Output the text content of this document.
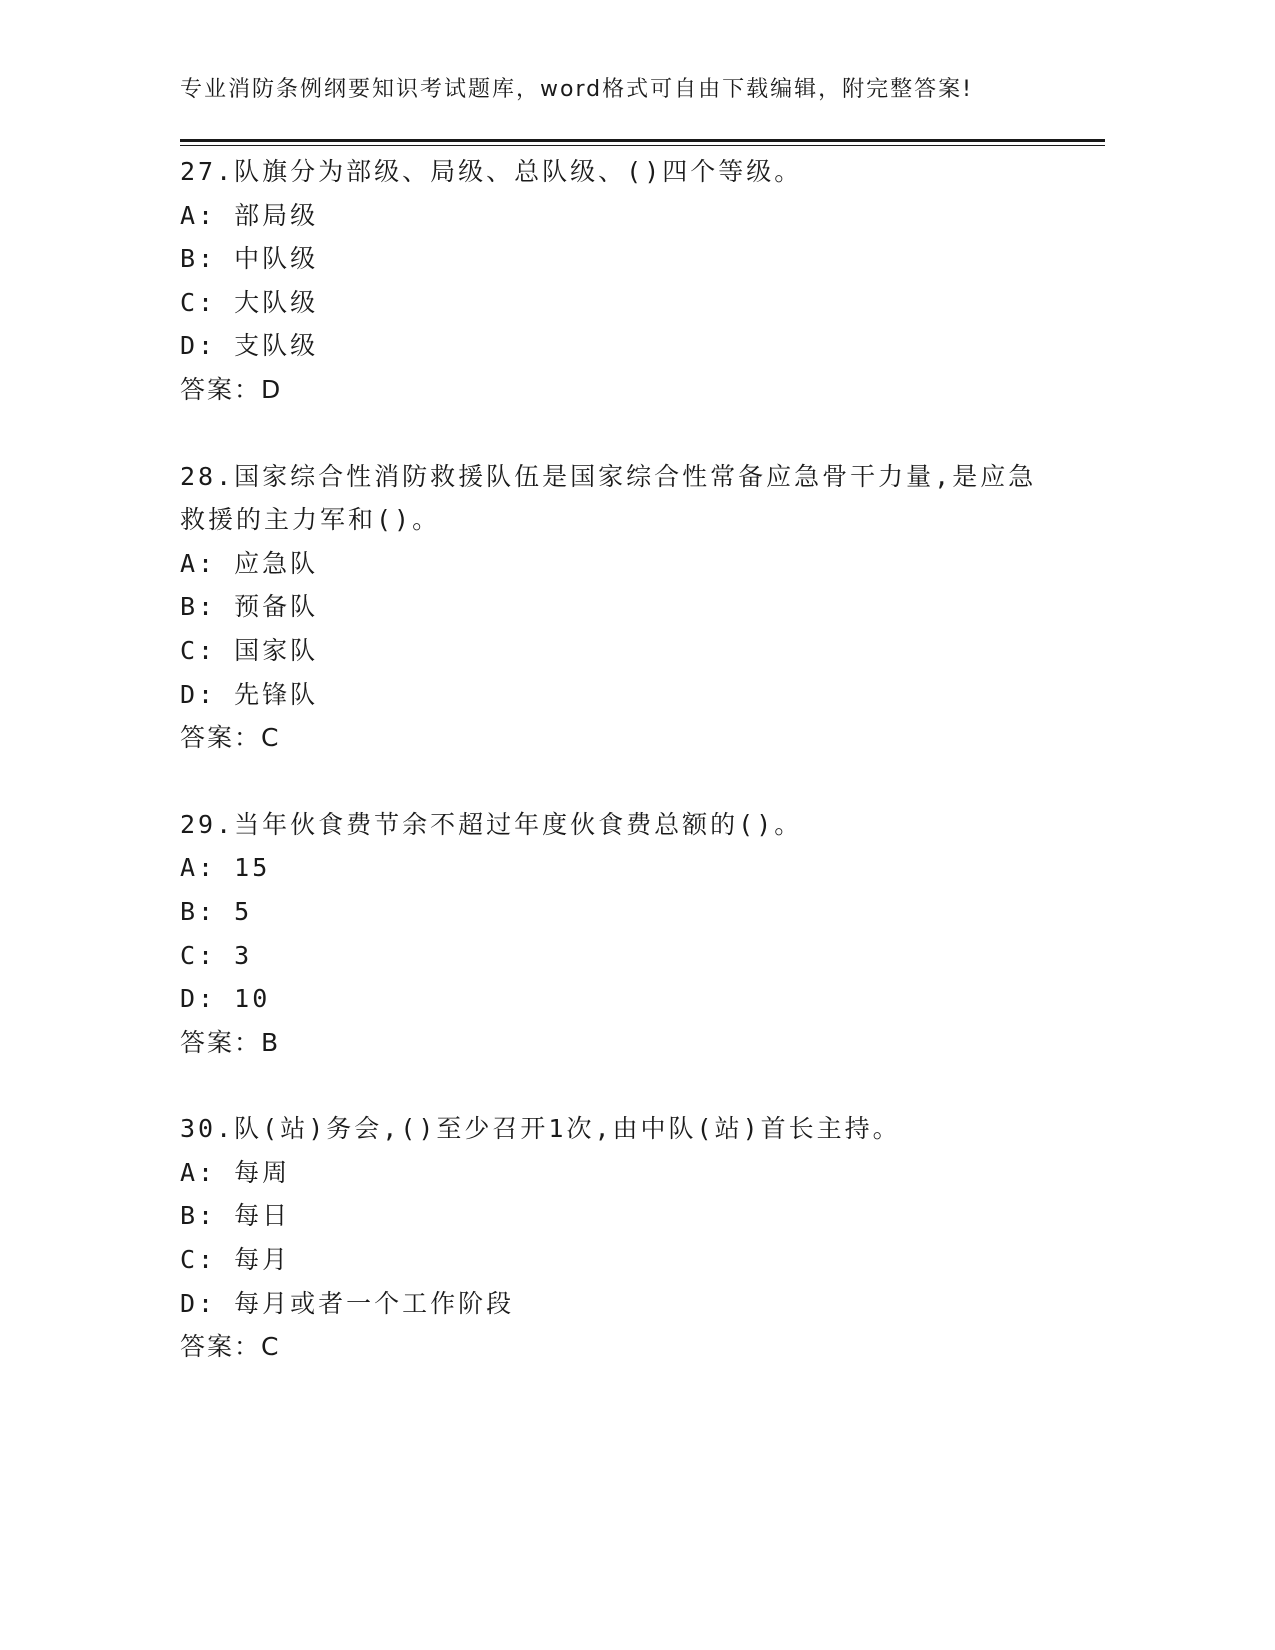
专业消防条例纲要知识考试题库，word格式可自由下载编辑，附完整答案!
27.队旗分为部级、局级、总队级、()四个等级。
A: 部局级
B: 中队级
C: 大队级
D: 支队级
答案：D
28.国家综合性消防救援队伍是国家综合性常备应急骨干力量,是应急
救援的主力军和()。
A: 应急队
B: 预备队
C: 国家队
D: 先锋队
答案：C
29.当年伙食费节余不超过年度伙食费总额的()。
A: 15
B: 5
C: 3
D: 10
答案：B
30.队(站)务会,()至少召开1次,由中队(站)首长主持。
A: 每周
B: 每日
C: 每月
D: 每月或者一个工作阶段
答案：C
